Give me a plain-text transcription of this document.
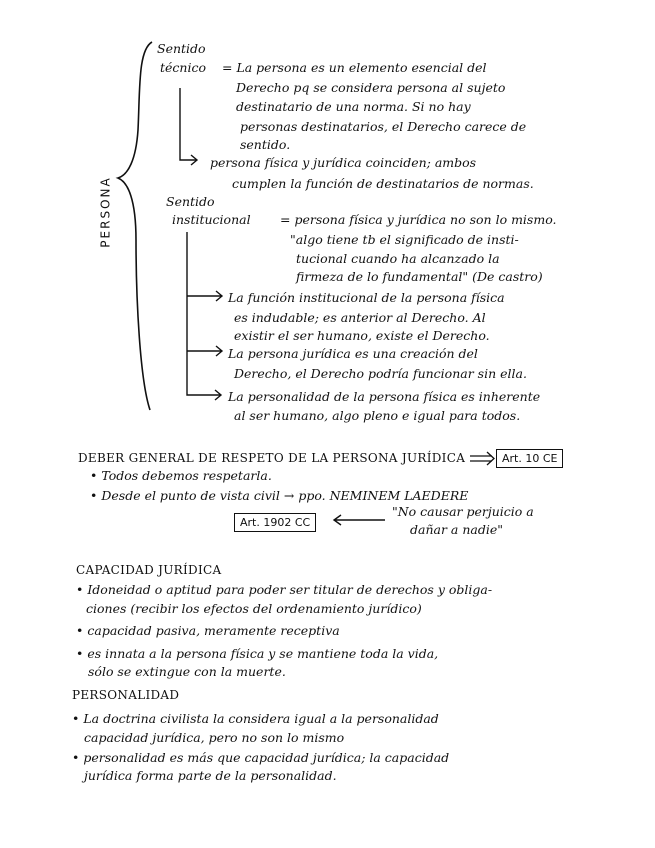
PERSONA
Sentido
técnico = La persona es un elemento esencial del
Derecho pq se considera persona al sujeto
destinatario de una norma. Si no hay
personas destinatarios, el Derecho carece de
sentido.
persona física y jurídica coinciden; ambos
cumplen la función de destinatarios de normas.
Sentido
institucional = persona física y jurídica no son lo mismo.
"algo tiene tb el significado de insti-
tucional cuando ha alcanzado la
firmeza de lo fundamental" (De castro)
La función institucional de la persona física
es indudable; es anterior al Derecho. Al
existir el ser humano, existe el Derecho.
La persona jurídica es una creación del
Derecho, el Derecho podría funcionar sin ella.
La personalidad de la persona física es inherente
al ser humano, algo pleno e igual para todos.
DEBER GENERAL DE RESPETO DE LA PERSONA JURÍDICA	Art. 10 CE
• Todos debemos respetarla.
• Desde el punto de vista civil → ppo. NEMINEM LAEDERE
"No causar perjuicio a
dañar a nadie"
Art. 1902 CC
CAPACIDAD JURÍDICA
• Idoneidad o aptitud para poder ser titular de derechos y obliga-
ciones (recibir los efectos del ordenamiento jurídico)
• capacidad pasiva, meramente receptiva
• es innata a la persona física y se mantiene toda la vida,
sólo se extingue con la muerte.
PERSONALIDAD
• La doctrina civilista la considera igual a la personalidad
capacidad jurídica, pero no son lo mismo
• personalidad es más que capacidad jurídica; la capacidad
jurídica forma parte de la personalidad.
